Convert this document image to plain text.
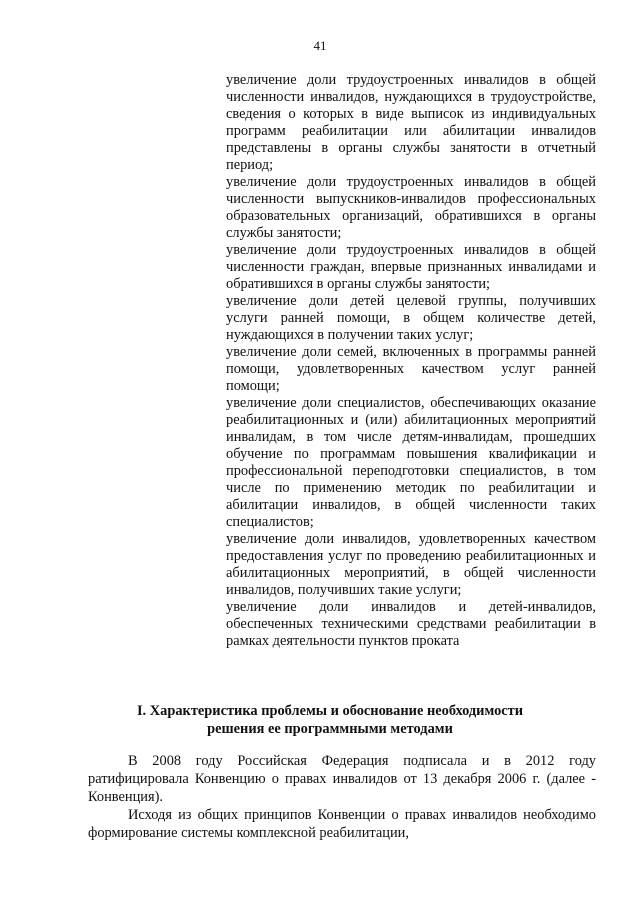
41

увеличение доли трудоустроенных инвалидов в общей численности инвалидов, нуждающихся в трудоустройстве, сведения о которых в виде выписок из индивидуальных программ реабилитации или абилитации инвалидов представлены в органы службы занятости в отчетный период;

увеличение доли трудоустроенных инвалидов в общей численности выпускников-инвалидов профессиональных образовательных организаций, обратившихся в органы службы занятости;

увеличение доли трудоустроенных инвалидов в общей численности граждан, впервые признанных инвалидами и обратившихся в органы службы занятости;

увеличение доли детей целевой группы, получивших услуги ранней помощи, в общем количестве детей, нуждающихся в получении таких услуг;

увеличение доли семей, включенных в программы ранней помощи, удовлетворенных качеством услуг ранней помощи;

увеличение доли специалистов, обеспечивающих оказание реабилитационных и (или) абилитационных мероприятий инвалидам, в том числе детям-инвалидам, прошедших обучение по программам повышения квалификации и профессиональной переподготовки специалистов, в том числе по применению методик по реабилитации и абилитации инвалидов, в общей численности таких специалистов;

увеличение доли инвалидов, удовлетворенных качеством предоставления услуг по проведению реабилитационных и абилитационных мероприятий, в общей численности инвалидов, получивших такие услуги;

увеличение доли инвалидов и детей-инвалидов, обеспеченных техническими средствами реабилитации в рамках деятельности пунктов проката

I. Характеристика проблемы и обоснование необходимости решения ее программными методами

В 2008 году Российская Федерация подписала и в 2012 году ратифицировала Конвенцию о правах инвалидов от 13 декабря 2006 г. (далее - Конвенция).

Исходя из общих принципов Конвенции о правах инвалидов необходимо формирование системы комплексной реабилитации,
